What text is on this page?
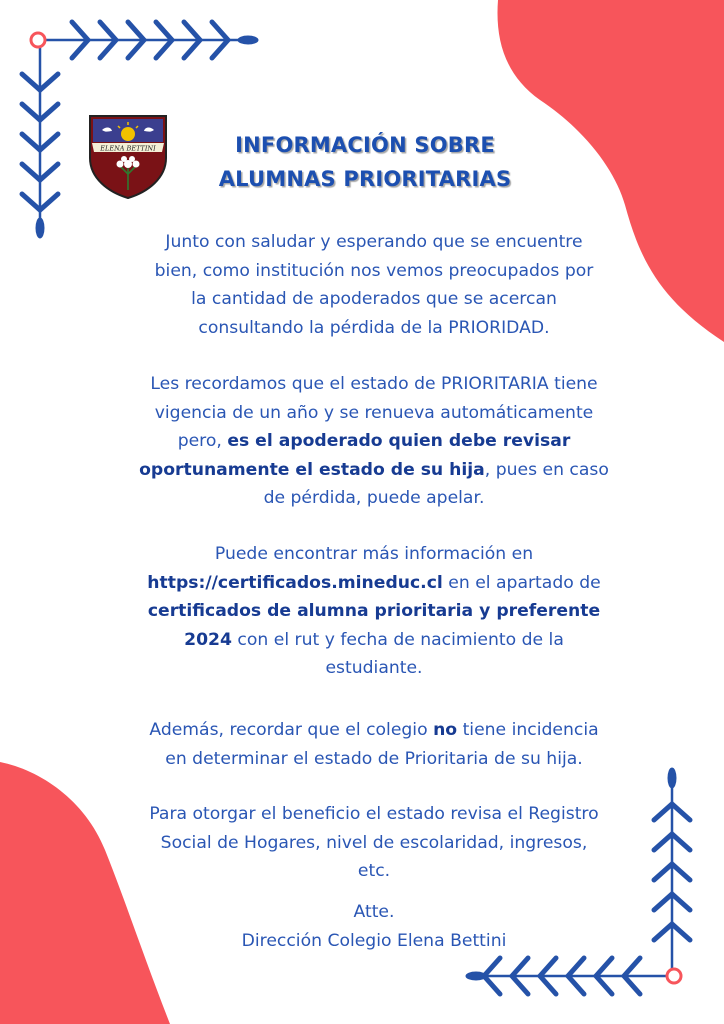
ELENA BETTINI	INFORMACIÓN SOBRE
ALUMNAS PRIORITARIAS
Junto con saludar y esperando que se encuentre
bien, como institución nos vemos preocupados por
la cantidad de apoderados que se acercan
consultando la pérdida de la PRIORIDAD.
Les recordamos que el estado de PRIORITARIA tiene
vigencia de un año y se renueva automáticamente
pero, es el apoderado quien debe revisar
oportunamente el estado de su hija, pues en caso
de pérdida, puede apelar.
Puede encontrar más información en
https://certificados.mineduc.cl en el apartado de
certificados de alumna prioritaria y preferente
2024 con el rut y fecha de nacimiento de la
estudiante.
Además, recordar que el colegio no tiene incidencia
en determinar el estado de Prioritaria de su hija.
Para otorgar el beneficio el estado revisa el Registro
Social de Hogares, nivel de escolaridad, ingresos,
etc.
Atte.
Dirección Colegio Elena Bettini
